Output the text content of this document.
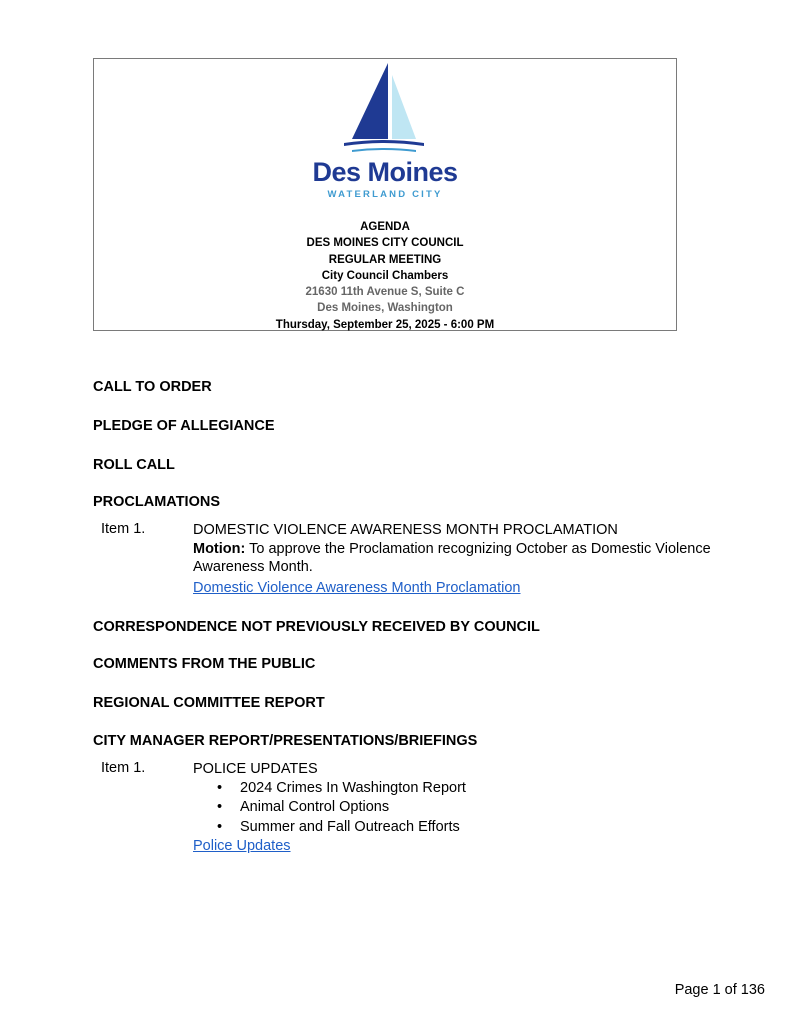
Des Moines
WATERLAND CITY
AGENDA
DES MOINES CITY COUNCIL
REGULAR MEETING
City Council Chambers
21630 11th Avenue S, Suite C
Des Moines, Washington
Thursday, September 25, 2025 - 6:00 PM
CALL TO ORDER
PLEDGE OF ALLEGIANCE
ROLL CALL
PROCLAMATIONS
Item 1.	DOMESTIC VIOLENCE AWARENESS MONTH PROCLAMATION
Motion: To approve the Proclamation recognizing October as Domestic Violence Awareness Month.
Domestic Violence Awareness Month Proclamation
CORRESPONDENCE NOT PREVIOUSLY RECEIVED BY COUNCIL
COMMENTS FROM THE PUBLIC
REGIONAL COMMITTEE REPORT
CITY MANAGER REPORT/PRESENTATIONS/BRIEFINGS
Item 1.	POLICE UPDATES
• 2024 Crimes In Washington Report
• Animal Control Options
• Summer and Fall Outreach Efforts
Police Updates
Page 1 of 136
